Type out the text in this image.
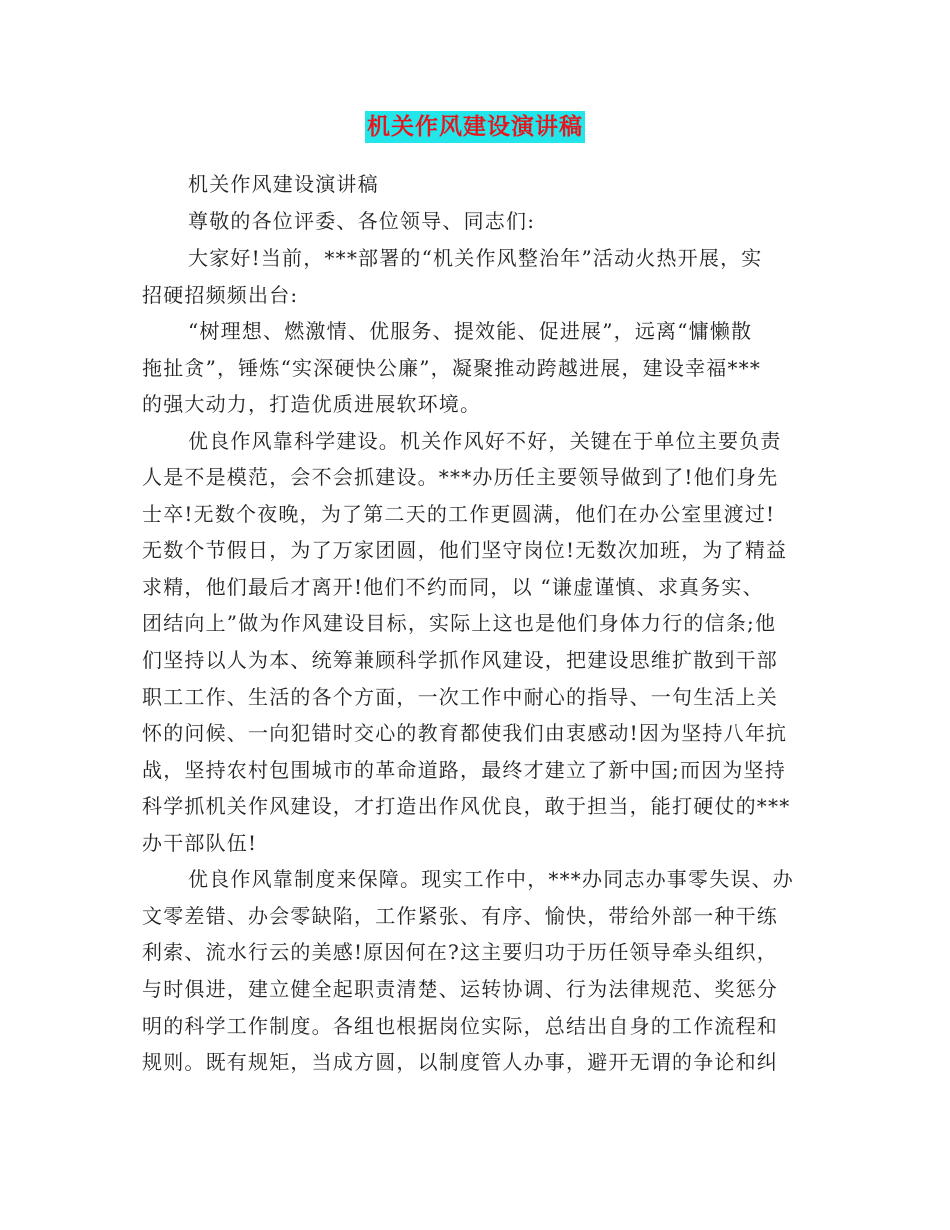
机关作风建设演讲稿
机关作风建设演讲稿
尊敬的各位评委、各位领导、同志们:
大家好!当前，***部署的“机关作风整治年”活动火热开展，实
招硬招频频出台:
“树理想、燃激情、优服务、提效能、促进展”，远离“慵懒散
拖扯贪”，锤炼“实深硬快公廉”，凝聚推动跨越进展，建设幸福***
的强大动力，打造优质进展软环境。
优良作风靠科学建设。机关作风好不好，关键在于单位主要负责
人是不是模范，会不会抓建设。***办历任主要领导做到了!他们身先
士卒!无数个夜晚，为了第二天的工作更圆满，他们在办公室里渡过!
无数个节假日，为了万家团圆，他们坚守岗位!无数次加班，为了精益
求精，他们最后才离开!他们不约而同，以 “谦虚谨慎、求真务实、
团结向上”做为作风建设目标，实际上这也是他们身体力行的信条;他
们坚持以人为本、统筹兼顾科学抓作风建设，把建设思维扩散到干部
职工工作、生活的各个方面，一次工作中耐心的指导、一句生活上关
怀的问候、一向犯错时交心的教育都使我们由衷感动!因为坚持八年抗
战，坚持农村包围城市的革命道路，最终才建立了新中国;而因为坚持
科学抓机关作风建设，才打造出作风优良，敢于担当，能打硬仗的***
办干部队伍!
优良作风靠制度来保障。现实工作中，***办同志办事零失误、办
文零差错、办会零缺陷，工作紧张、有序、愉快，带给外部一种干练
利索、流水行云的美感!原因何在?这主要归功于历任领导牵头组织，
与时俱进，建立健全起职责清楚、运转协调、行为法律规范、奖惩分
明的科学工作制度。各组也根据岗位实际，总结出自身的工作流程和
规则。既有规矩，当成方圆，以制度管人办事，避开无谓的争论和纠
